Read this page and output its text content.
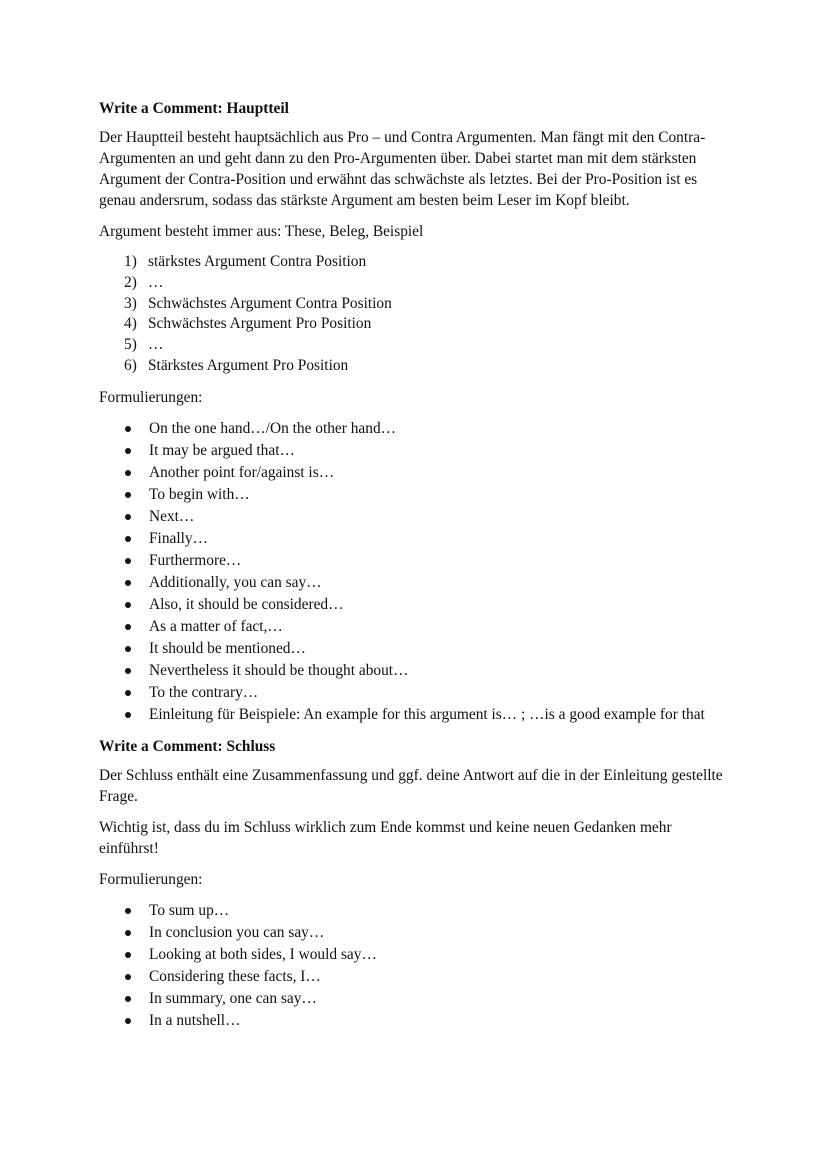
Write a Comment: Hauptteil

Der Hauptteil besteht hauptsächlich aus Pro – und Contra Argumenten. Man fängt mit den Contra-Argumenten an und geht dann zu den Pro-Argumenten über. Dabei startet man mit dem stärksten Argument der Contra-Position und erwähnt das schwächste als letztes. Bei der Pro-Position ist es genau andersrum, sodass das stärkste Argument am besten beim Leser im Kopf bleibt.

Argument besteht immer aus: These, Beleg, Beispiel

1) stärkstes Argument Contra Position
2) …
3) Schwächstes Argument Contra Position
4) Schwächstes Argument Pro Position
5) …
6) Stärkstes Argument Pro Position

Formulierungen:

On the one hand…/On the other hand…
It may be argued that…
Another point for/against is…
To begin with…
Next…
Finally…
Furthermore…
Additionally, you can say…
Also, it should be considered…
As a matter of fact,…
It should be mentioned…
Nevertheless it should be thought about…
To the contrary…
Einleitung für Beispiele: An example for this argument is… ; …is a good example for that
Write a Comment: Schluss

Der Schluss enthält eine Zusammenfassung und ggf. deine Antwort auf die in der Einleitung gestellte Frage.

Wichtig ist, dass du im Schluss wirklich zum Ende kommst und keine neuen Gedanken mehr einführst!

Formulierungen:

To sum up…
In conclusion you can say…
Looking at both sides, I would say…
Considering these facts, I…
In summary, one can say…
In a nutshell…
